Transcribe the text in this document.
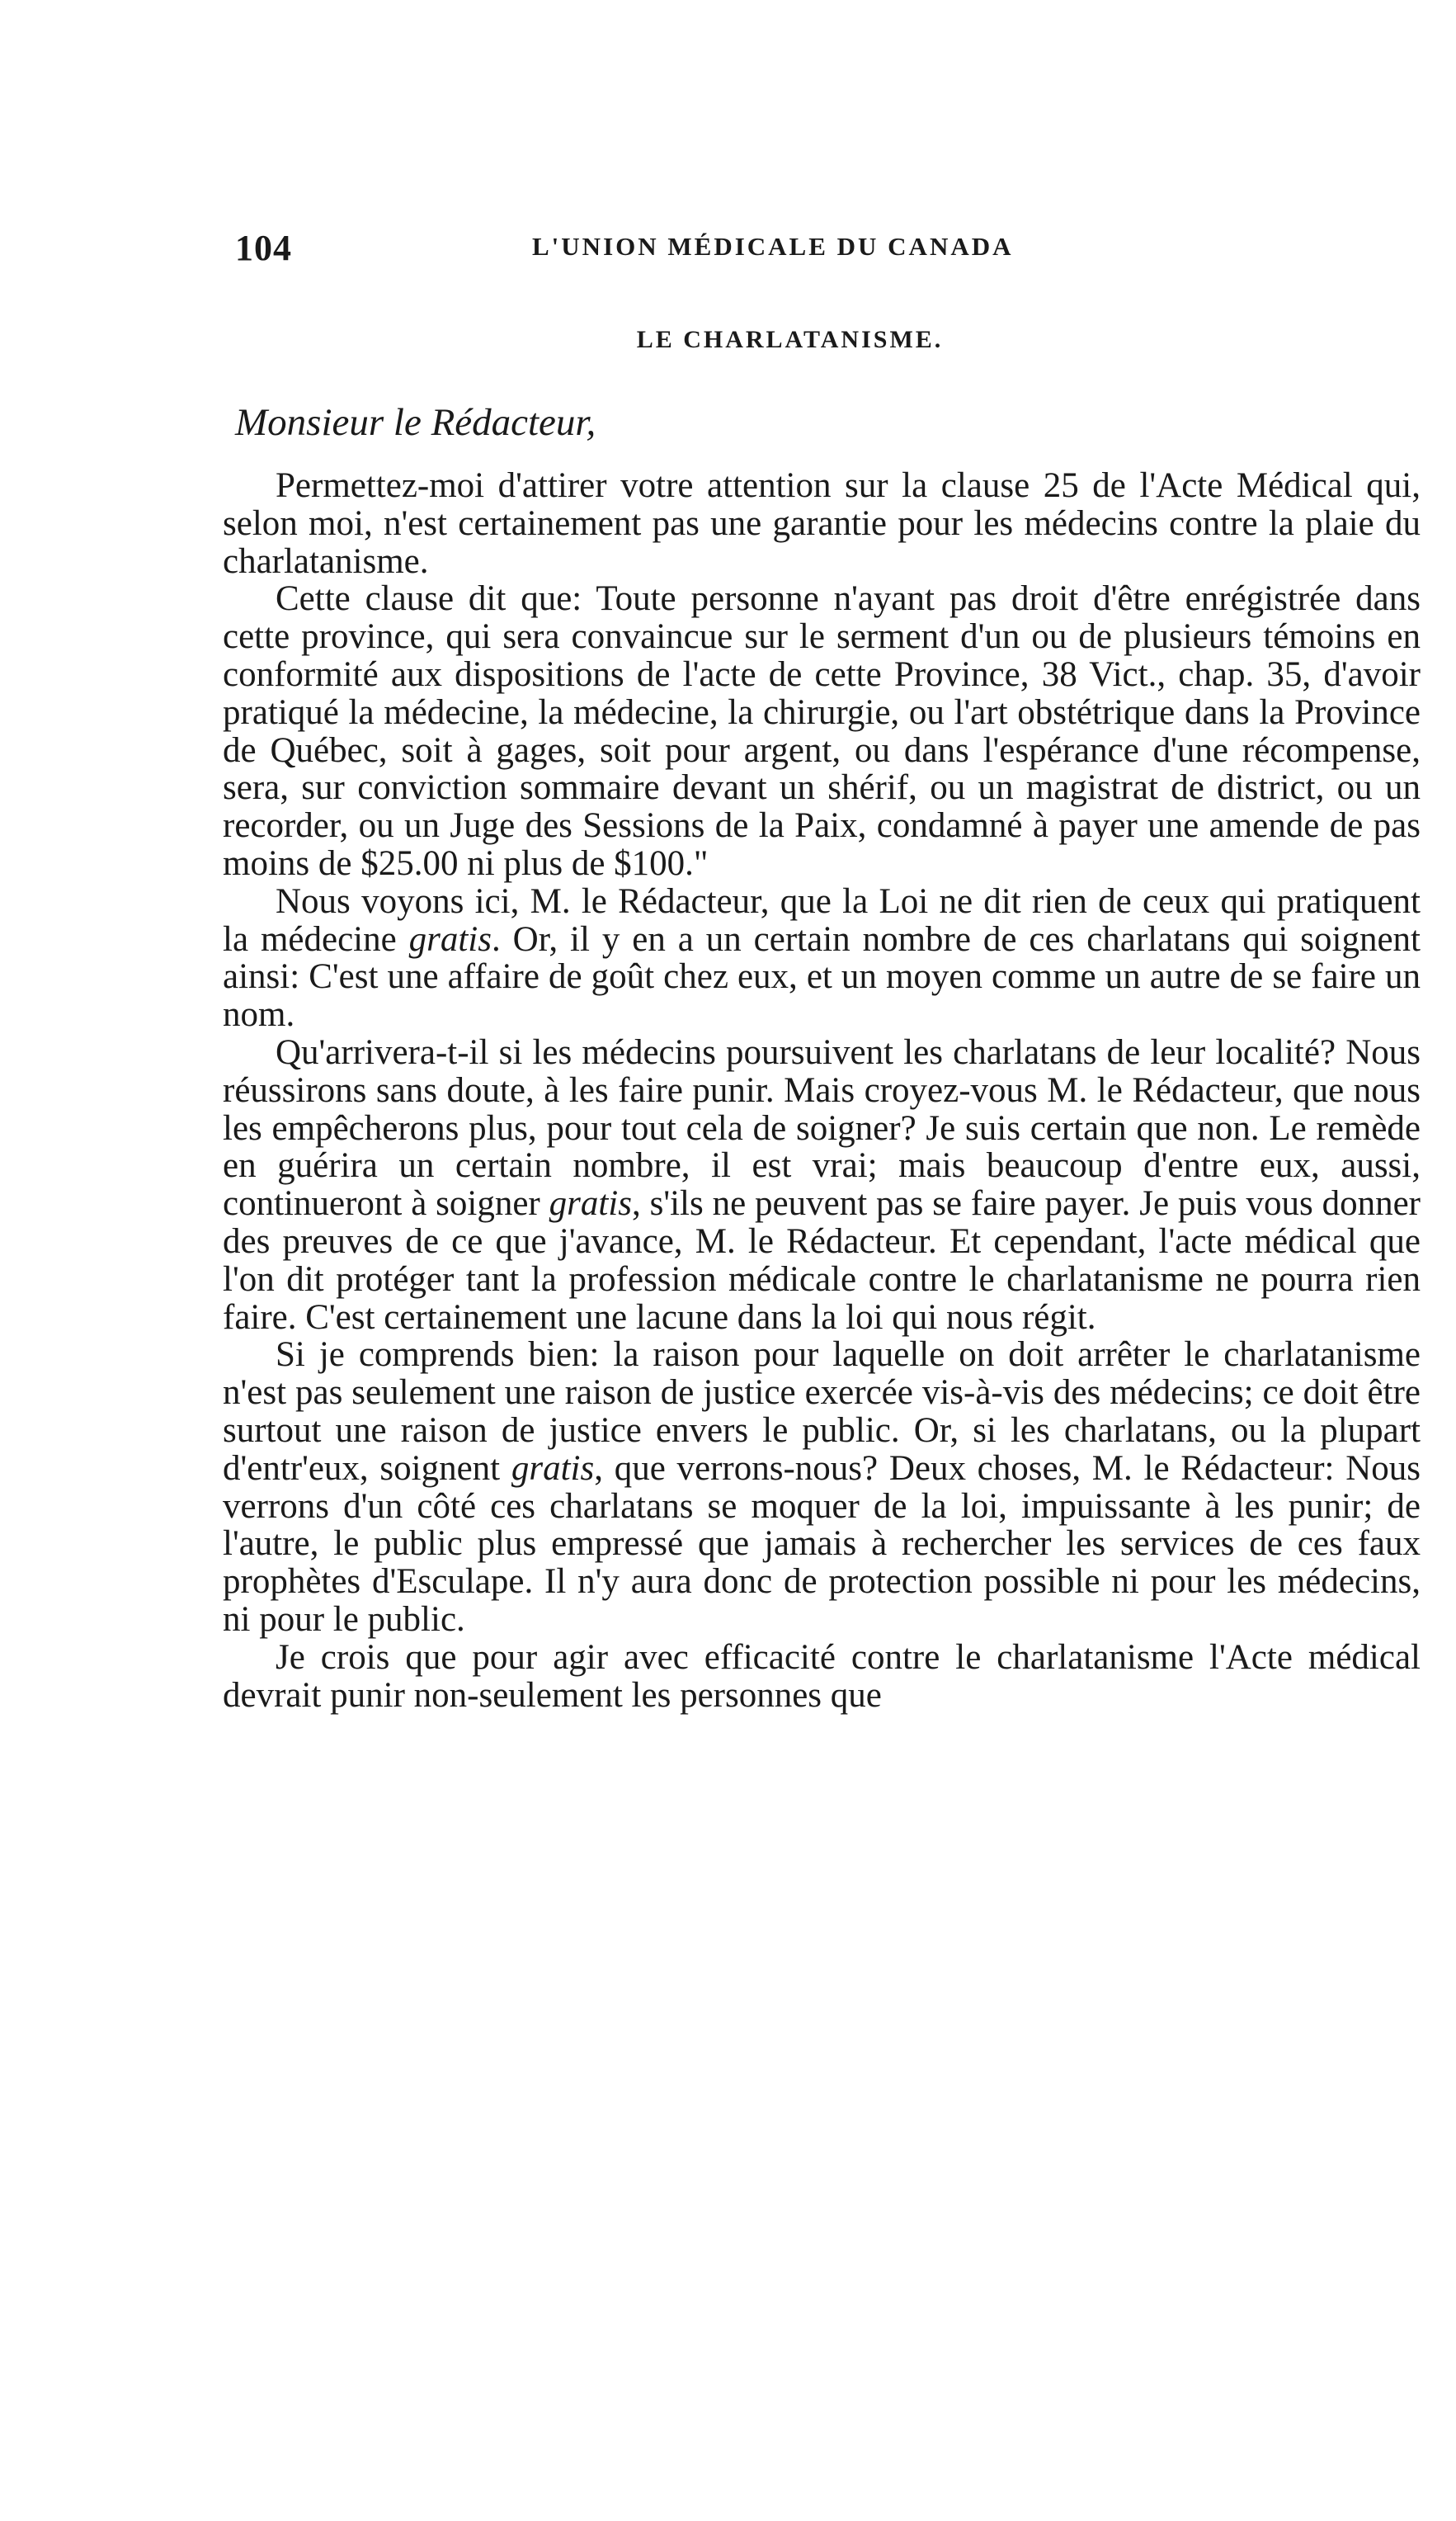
104	L'UNION MÉDICALE DU CANADA
LE CHARLATANISME.
Monsieur le Rédacteur,

Permettez-moi d'attirer votre attention sur la clause 25 de l'Acte Médical qui, selon moi, n'est certainement pas une garantie pour les médecins contre la plaie du charlatanisme.

Cette clause dit que: Toute personne n'ayant pas droit d'être enrégistrée dans cette province, qui sera convaincue sur le serment d'un ou de plusieurs témoins en conformité aux dispositions de l'acte de cette Province, 38 Vict., chap. 35, d'avoir pratiqué la médecine, la médecine, la chirurgie, ou l'art obstétrique dans la Province de Québec, soit à gages, soit pour argent, ou dans l'espérance d'une récompense, sera, sur conviction sommaire devant un shérif, ou un magistrat de district, ou un recorder, ou un Juge des Sessions de la Paix, condamné à payer une amende de pas moins de $25.00 ni plus de $100."

Nous voyons ici, M. le Rédacteur, que la Loi ne dit rien de ceux qui pratiquent la médecine gratis. Or, il y en a un certain nombre de ces charlatans qui soignent ainsi: C'est une affaire de goût chez eux, et un moyen comme un autre de se faire un nom.

Qu'arrivera-t-il si les médecins poursuivent les charlatans de leur localité? Nous réussirons sans doute, à les faire punir. Mais croyez-vous M. le Rédacteur, que nous les empêcherons plus, pour tout cela de soigner? Je suis certain que non. Le remède en guérira un certain nombre, il est vrai; mais beaucoup d'entre eux, aussi, continueront à soigner gratis, s'ils ne peuvent pas se faire payer. Je puis vous donner des preuves de ce que j'avance, M. le Rédacteur. Et cependant, l'acte médical que l'on dit protéger tant la profession médicale contre le charlatanisme ne pourra rien faire. C'est certainement une lacune dans la loi qui nous régit.

Si je comprends bien: la raison pour laquelle on doit arrêter le charlatanisme n'est pas seulement une raison de justice exercée vis-à-vis des médecins; ce doit être surtout une raison de justice envers le public. Or, si les charlatans, ou la plupart d'entr'eux, soignent gratis, que verrons-nous? Deux choses, M. le Rédacteur: Nous verrons d'un côté ces charlatans se moquer de la loi, impuissante à les punir; de l'autre, le public plus empressé que jamais à rechercher les services de ces faux prophètes d'Esculape. Il n'y aura donc de protection possible ni pour les médecins, ni pour le public.

Je crois que pour agir avec efficacité contre le charlatanisme l'Acte médical devrait punir non-seulement les personnes que
